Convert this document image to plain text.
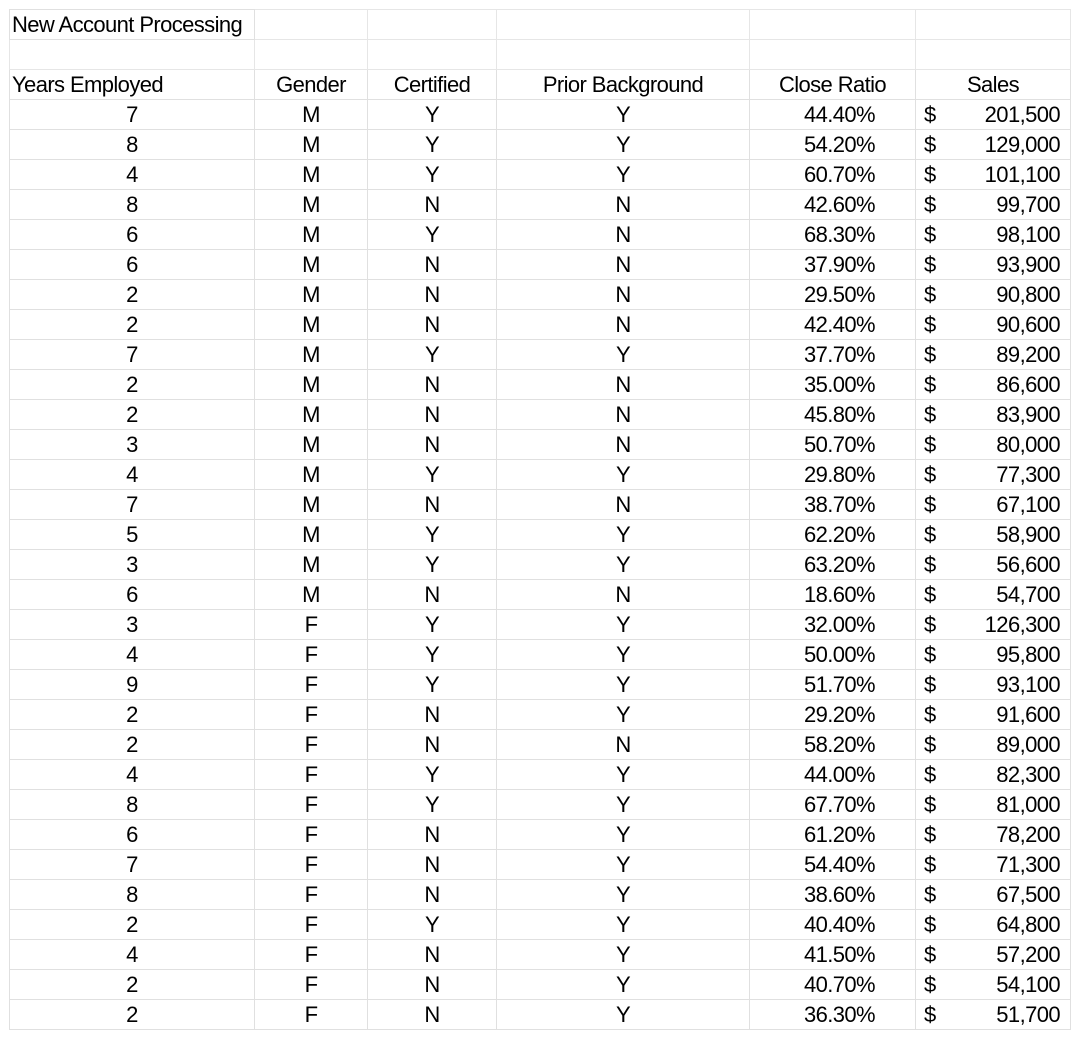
New Account Processing					

Years Employed	Gender	Certified	Prior Background	Close Ratio	Sales
7	M	Y	Y	44.40%	$ 201,500

8	M	Y	Y	54.20%	$ 129,000

4	M	Y	Y	60.70%	$ 101,100

8	M	N	N	42.60%	$ 99,700

6	M	Y	N	68.30%	$ 98,100

6	M	N	N	37.90%	$ 93,900

2	M	N	N	29.50%	$ 90,800

2	M	N	N	42.40%	$ 90,600

7	M	Y	Y	37.70%	$ 89,200

2	M	N	N	35.00%	$ 86,600

2	M	N	N	45.80%	$ 83,900

3	M	N	N	50.70%	$ 80,000

4	M	Y	Y	29.80%	$ 77,300

7	M	N	N	38.70%	$ 67,100

5	M	Y	Y	62.20%	$ 58,900

3	M	Y	Y	63.20%	$ 56,600

6	M	N	N	18.60%	$ 54,700

3	F	Y	Y	32.00%	$ 126,300

4	F	Y	Y	50.00%	$ 95,800

9	F	Y	Y	51.70%	$ 93,100

2	F	N	Y	29.20%	$ 91,600

2	F	N	N	58.20%	$ 89,000

4	F	Y	Y	44.00%	$ 82,300

8	F	Y	Y	67.70%	$ 81,000

6	F	N	Y	61.20%	$ 78,200

7	F	N	Y	54.40%	$ 71,300

8	F	N	Y	38.60%	$ 67,500

2	F	Y	Y	40.40%	$ 64,800

4	F	N	Y	41.50%	$ 57,200

2	F	N	Y	40.70%	$ 54,100

2	F	N	Y	36.30%	$ 51,700
